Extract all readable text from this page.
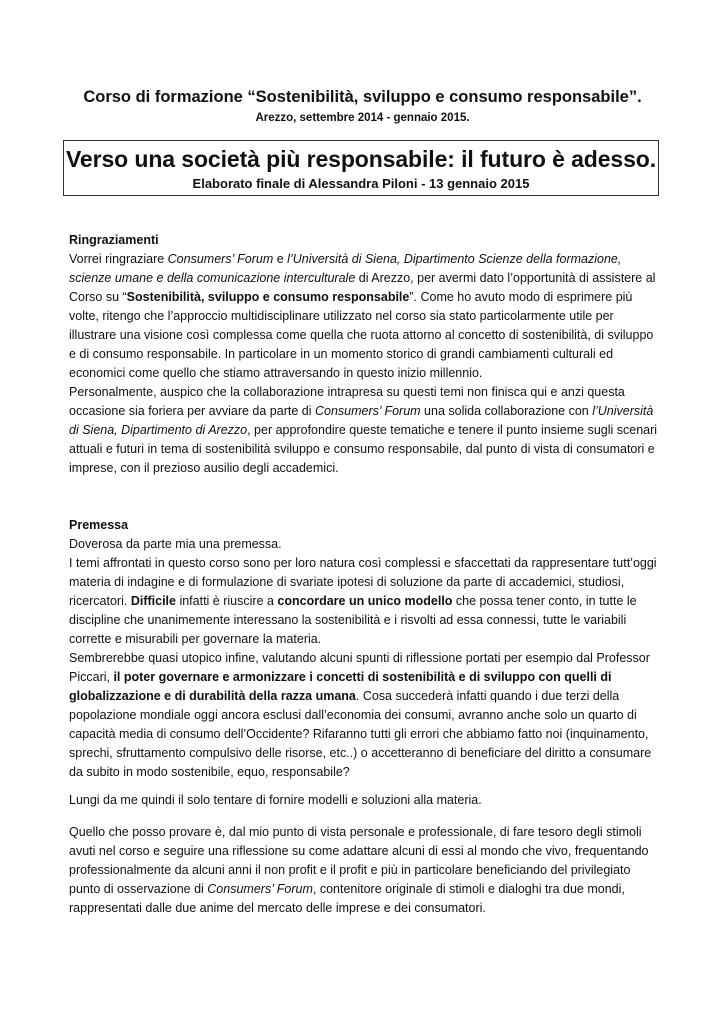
Corso di formazione “Sostenibilità, sviluppo e consumo responsabile”.
Arezzo, settembre 2014 - gennaio 2015.
Verso una società più responsabile: il futuro è adesso.
Elaborato finale di Alessandra Piloni - 13 gennaio 2015
Ringraziamenti

Vorrei ringraziare Consumers’ Forum e l’Università di Siena, Dipartimento Scienze della formazione, scienze umane e della comunicazione interculturale di Arezzo, per avermi dato l’opportunità di assistere al Corso su “Sostenibilità, sviluppo e consumo responsabile”. Come ho avuto modo di esprimere più volte, ritengo che l’approccio multidisciplinare utilizzato nel corso sia stato particolarmente utile per illustrare una visione così complessa come quella che ruota attorno al concetto di sostenibilità, di sviluppo e di consumo responsabile. In particolare in un momento storico di grandi cambiamenti culturali ed economici come quello che stiamo attraversando in questo inizio millennio.

Personalmente, auspico che la collaborazione intrapresa su questi temi non finisca qui e anzi questa occasione sia foriera per avviare da parte di Consumers’ Forum una solida collaborazione con l’Università di Siena, Dipartimento di Arezzo, per approfondire queste tematiche e tenere il punto insieme sugli scenari attuali e futuri in tema di sostenibilità sviluppo e consumo responsabile, dal punto di vista di consumatori e imprese, con il prezioso ausilio degli accademici.

Premessa

Doverosa da parte mia una premessa.

I temi affrontati in questo corso sono per loro natura così complessi e sfaccettati da rappresentare tutt’oggi materia di indagine e di formulazione di svariate ipotesi di soluzione da parte di accademici, studiosi, ricercatori. Difficile infatti è riuscire a concordare un unico modello che possa tener conto, in tutte le discipline che unanimemente interessano la sostenibilità e i risvolti ad essa connessi, tutte le variabili corrette e misurabili per governare la materia.

Sembrerebbe quasi utopico infine, valutando alcuni spunti di riflessione portati per esempio dal Professor Piccari, il poter governare e armonizzare i concetti di sostenibilità e di sviluppo con quelli di globalizzazione e di durabilità della razza umana. Cosa succederà infatti quando i due terzi della popolazione mondiale oggi ancora esclusi dall’economia dei consumi, avranno anche solo un quarto di capacità media di consumo dell’Occidente? Rifaranno tutti gli errori che abbiamo fatto noi (inquinamento, sprechi, sfruttamento compulsivo delle risorse, etc..) o accetteranno di beneficiare del diritto a consumare da subito in modo sostenibile, equo, responsabile?

Lungi da me quindi il solo tentare di fornire modelli e soluzioni alla materia.

Quello che posso provare è, dal mio punto di vista personale e professionale, di fare tesoro degli stimoli avuti nel corso e seguire una riflessione su come adattare alcuni di essi al mondo che vivo, frequentando professionalmente da alcuni anni il non profit e il profit e più in particolare beneficiando del privilegiato punto di osservazione di Consumers’ Forum, contenitore originale di stimoli e dialoghi tra due mondi, rappresentati dalle due anime del mercato delle imprese e dei consumatori.
